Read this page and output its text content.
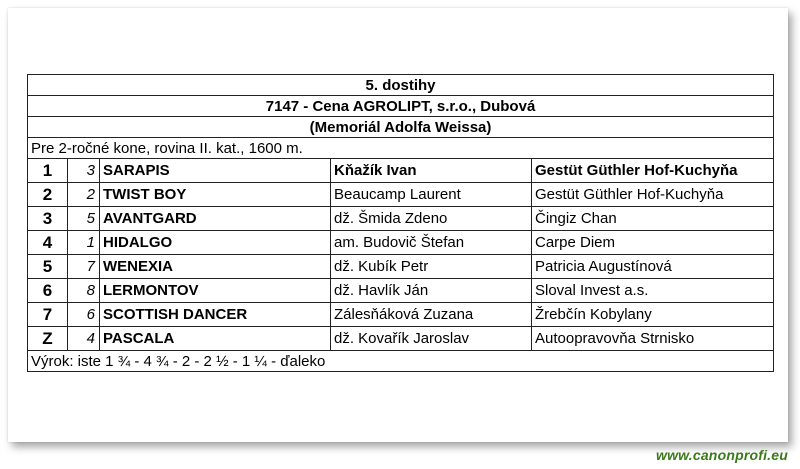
5. dostihy				
7147 - Cena AGROLIPT, s.r.o., Dubová				
(Memoriál Adolfa Weissa)				
Pre 2-ročné kone, rovina II. kat., 1600 m.				
1	3	SARAPIS	Kňažík Ivan	Gestüt Güthler Hof-Kuchyňa
2	2	TWIST BOY	Beaucamp Laurent	Gestüt Güthler Hof-Kuchyňa
3	5	AVANTGARD	dž. Šmida Zdeno	Čingiz Chan
4	1	HIDALGO	am. Budovič Štefan	Carpe Diem
5	7	WENEXIA	dž. Kubík Petr	Patricia Augustínová
6	8	LERMONTOV	dž. Havlík Ján	Sloval Invest a.s.
7	6	SCOTTISH DANCER	Zálesňáková Zuzana	Žrebčín Kobylany
Z	4	PASCALA	dž. Kovařík Jaroslav	Autoopravovňa Strnisko
Výrok: iste 1 ¾ - 4 ¾ - 2 - 2 ½ - 1 ¼ - ďaleko				
www.canonprofi.eu
